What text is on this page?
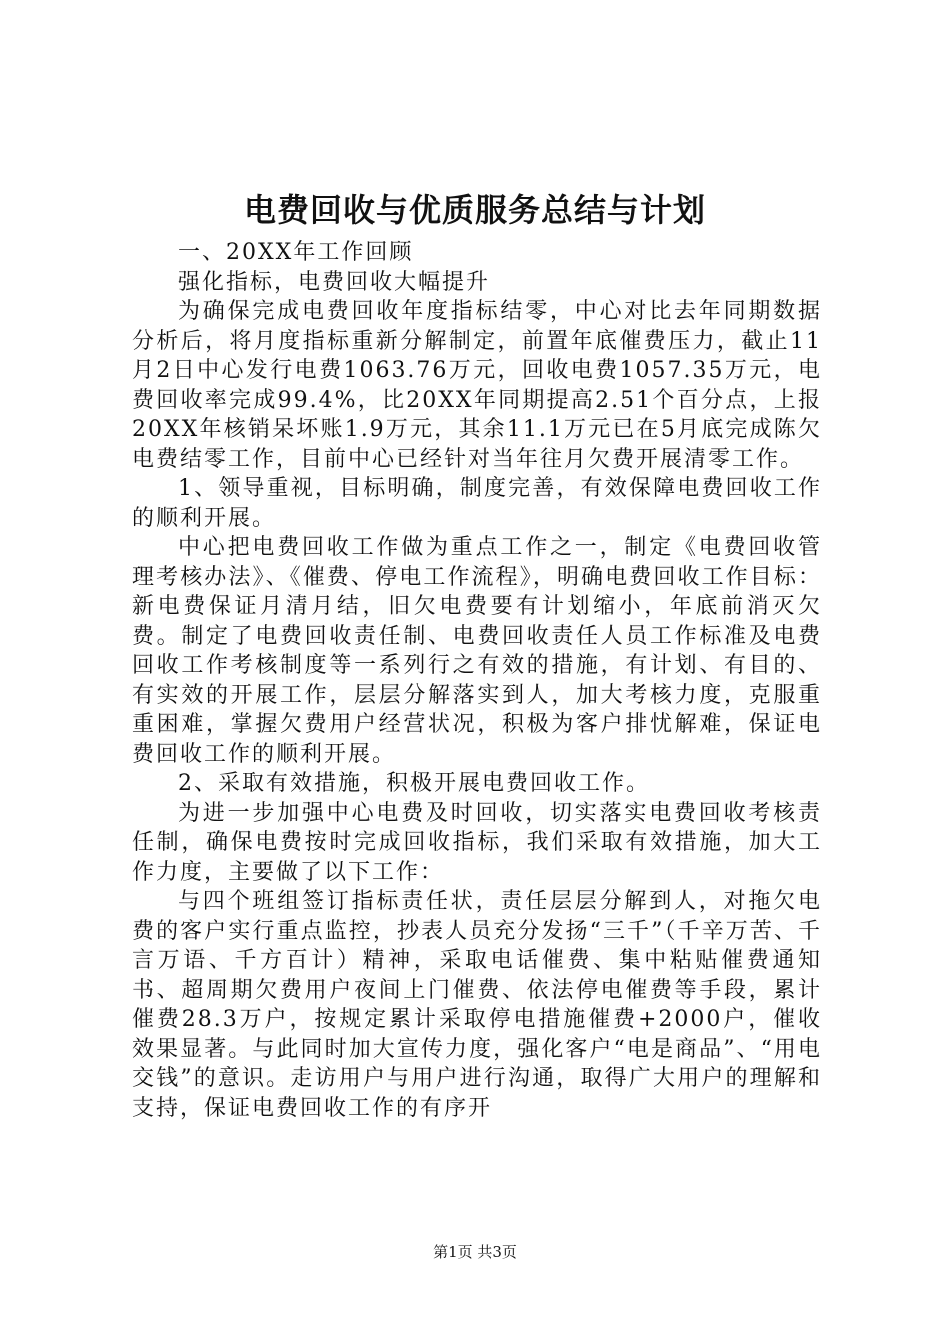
电费回收与优质服务总结与计划

一、20XX年工作回顾

强化指标，电费回收大幅提升

为确保完成电费回收年度指标结零，中心对比去年同期数据分析后，将月度指标重新分解制定，前置年底催费压力，截止11月2日中心发行电费1063.76万元，回收电费1057.35万元，电费回收率完成99.4%，比20XX年同期提高2.51个百分点，上报20XX年核销呆坏账1.9万元，其余11.1万元已在5月底完成陈欠电费结零工作，目前中心已经针对当年往月欠费开展清零工作。

1、领导重视，目标明确，制度完善，有效保障电费回收工作的顺利开展。

中心把电费回收工作做为重点工作之一，制定《电费回收管理考核办法》、《催费、停电工作流程》，明确电费回收工作目标：新电费保证月清月结，旧欠电费要有计划缩小，年底前消灭欠费。制定了电费回收责任制、电费回收责任人员工作标准及电费回收工作考核制度等一系列行之有效的措施，有计划、有目的、有实效的开展工作，层层分解落实到人，加大考核力度，克服重重困难，掌握欠费用户经营状况，积极为客户排忧解难，保证电费回收工作的顺利开展。

2、采取有效措施，积极开展电费回收工作。

为进一步加强中心电费及时回收，切实落实电费回收考核责任制，确保电费按时完成回收指标，我们采取有效措施，加大工作力度，主要做了以下工作：

与四个班组签订指标责任状，责任层层分解到人，对拖欠电费的客户实行重点监控，抄表人员充分发扬“三千”（千辛万苦、千言万语、千方百计）精神，采取电话催费、集中粘贴催费通知书、超周期欠费用户夜间上门催费、依法停电催费等手段，累计催费28.3万户，按规定累计采取停电措施催费+2000户，催收效果显著。与此同时加大宣传力度，强化客户“电是商品”、“用电交钱”的意识。走访用户与用户进行沟通，取得广大用户的理解和支持，保证电费回收工作的有序开

第1页 共3页
